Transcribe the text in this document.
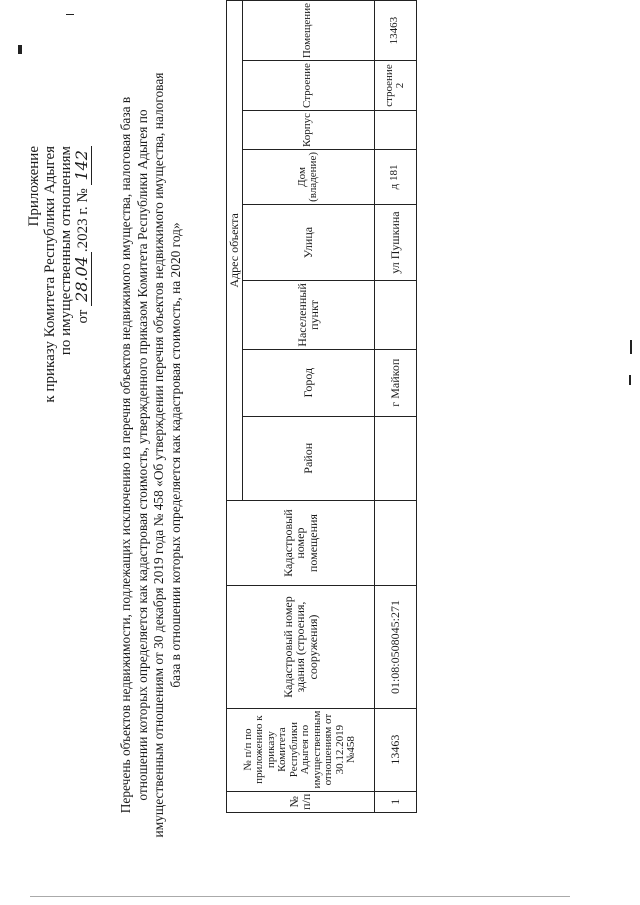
Приложение к приказу Комитета Республики Адыгея по имущественным отношениям от 28.04.2023 г. № 142 Перечень объектов недвижимости, подлежащих исключению из перечня объектов недвижимого имущества, налоговая база в отношении которых определяется как кадастровая стоимость, утвержденного приказом Комитета Республики Адыгея по имущественным отношениям от 30 декабря 2019 года № 458 «Об утверждении перечня объектов недвижимого имущества, налоговая база в отношении которых определяется как кадастровая стоимость, на 2020 год»
№ п/п	№ п/п по приложению к приказу Комитета Республики Адыгея по имущественным отношениям от 30.12.2019 №458	Кадастровый номер здания (строения, сооружения)	Кадастровый номер помещения	Адрес объекта							
				Район	Город	Населенный пункт	Улица	Дом (владение)	Корпус	Строение	Помещение
1	13463	01:08:0508045:271			г Майкоп		ул Пушкина	д 181		строение 2	13463
